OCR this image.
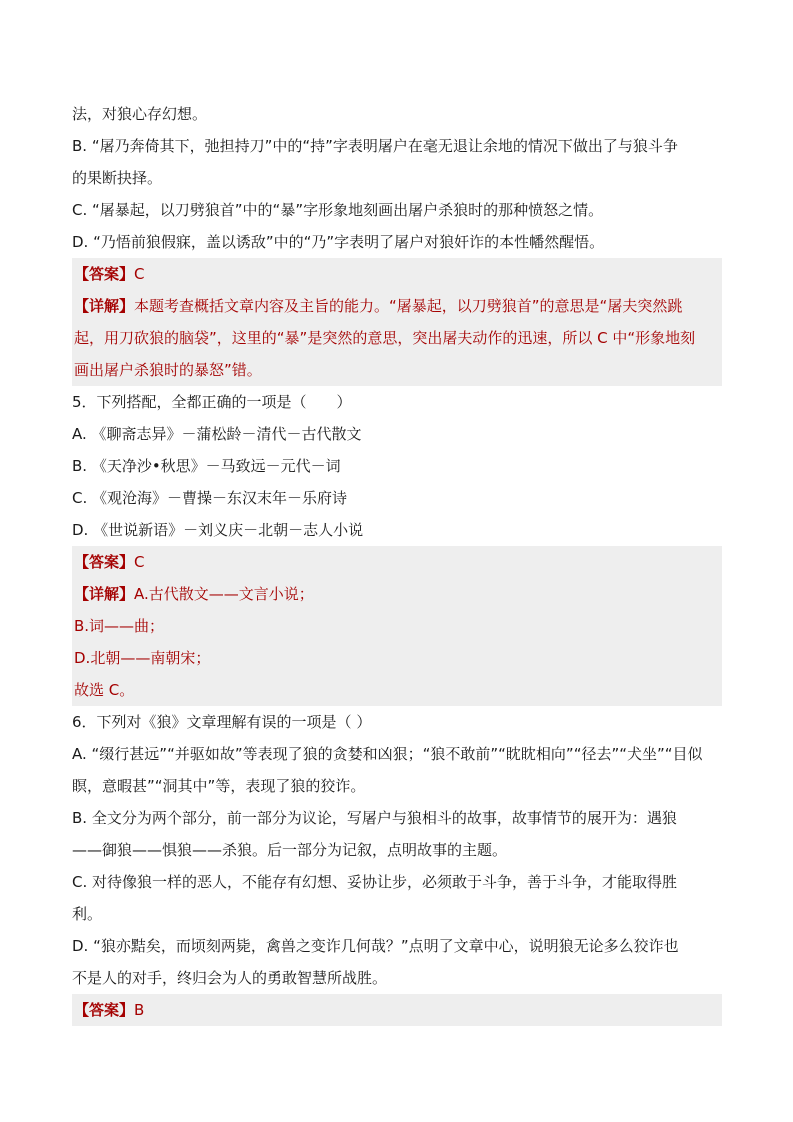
法，对狼心存幻想。
B. “屠乃奔倚其下，弛担持刀”中的“持”字表明屠户在毫无退让余地的情况下做出了与狼斗争
的果断抉择。
C. “屠暴起，以刀劈狼首”中的“暴”字形象地刻画出屠户杀狼时的那种愤怒之情。
D. “乃悟前狼假寐，盖以诱敌”中的“乃”字表明了屠户对狼奸诈的本性幡然醒悟。
【答案】C
【详解】本题考查概括文章内容及主旨的能力。“屠暴起，以刀劈狼首”的意思是“屠夫突然跳
起，用刀砍狼的脑袋”，这里的“暴”是突然的意思，突出屠夫动作的迅速，所以 C 中“形象地刻
画出屠户杀狼时的暴怒”错。
5．下列搭配，全都正确的一项是（　　）
A. 《聊斋志异》－蒲松龄－清代－古代散文
B. 《天净沙•秋思》－马致远－元代－词
C. 《观沧海》－曹操－东汉末年－乐府诗
D. 《世说新语》－刘义庆－北朝－志人小说
【答案】C
【详解】A.古代散文——文言小说；
B.词——曲；
D.北朝——南朝宋；
故选 C。
6．下列对《狼》文章理解有误的一项是（ ）
A. “缀行甚远”“并驱如故”等表现了狼的贪婪和凶狠；“狼不敢前”“眈眈相向”“径去”“犬坐”“目似
瞑，意暇甚”“洞其中”等，表现了狼的狡诈。
B. 全文分为两个部分，前一部分为议论，写屠户与狼相斗的故事，故事情节的展开为：遇狼
——御狼——惧狼——杀狼。后一部分为记叙，点明故事的主题。
C. 对待像狼一样的恶人，不能存有幻想、妥协让步，必须敢于斗争，善于斗争，才能取得胜
利。
D. “狼亦黠矣，而顷刻两毙，禽兽之变诈几何哉？”点明了文章中心，说明狼无论多么狡诈也
不是人的对手，终归会为人的勇敢智慧所战胜。
【答案】B
